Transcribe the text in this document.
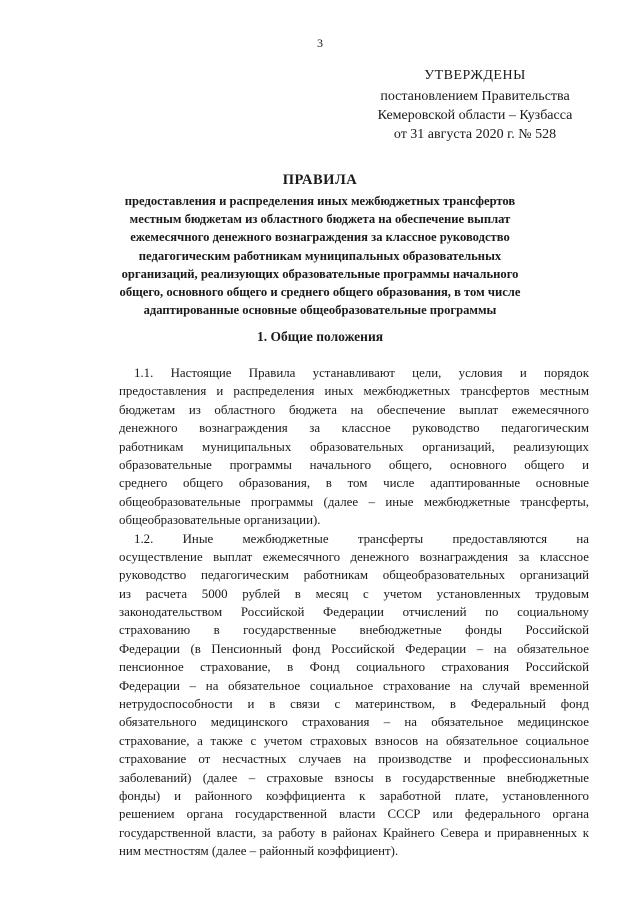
3
УТВЕРЖДЕНЫ
постановлением Правительства
Кемеровской области – Кузбасса
от 31 августа 2020 г. № 528
ПРАВИЛА
предоставления и распределения иных межбюджетных трансфертов
местным бюджетам из областного бюджета на обеспечение выплат
ежемесячного денежного вознаграждения за классное руководство
педагогическим работникам муниципальных образовательных
организаций, реализующих образовательные программы начального
общего, основного общего и среднего общего образования, в том числе
адаптированные основные общеобразовательные программы
1. Общие положения
1.1. Настоящие Правила устанавливают цели, условия и порядок
предоставления и распределения иных межбюджетных трансфертов местным
бюджетам из областного бюджета на обеспечение выплат ежемесячного
денежного вознаграждения за классное руководство педагогическим
работникам муниципальных образовательных организаций, реализующих
образовательные программы начального общего, основного общего и
среднего общего образования, в том числе адаптированные основные
общеобразовательные программы (далее – иные межбюджетные трансферты,
общеобразовательные организации).
1.2. Иные межбюджетные трансферты предоставляются на
осуществление выплат ежемесячного денежного вознаграждения за классное
руководство педагогическим работникам общеобразовательных организаций
из расчета 5000 рублей в месяц с учетом установленных трудовым
законодательством Российской Федерации отчислений по социальному
страхованию в государственные внебюджетные фонды Российской
Федерации (в Пенсионный фонд Российской Федерации – на обязательное
пенсионное страхование, в Фонд социального страхования Российской
Федерации – на обязательное социальное страхование на случай временной
нетрудоспособности и в связи с материнством, в Федеральный фонд
обязательного медицинского страхования – на обязательное медицинское
страхование, а также с учетом страховых взносов на обязательное социальное
страхование от несчастных случаев на производстве и профессиональных
заболеваний) (далее – страховые взносы в государственные внебюджетные
фонды) и районного коэффициента к заработной плате, установленного
решением органа государственной власти СССР или федерального органа
государственной власти, за работу в районах Крайнего Севера и приравненных к
ним местностям (далее – районный коэффициент).
